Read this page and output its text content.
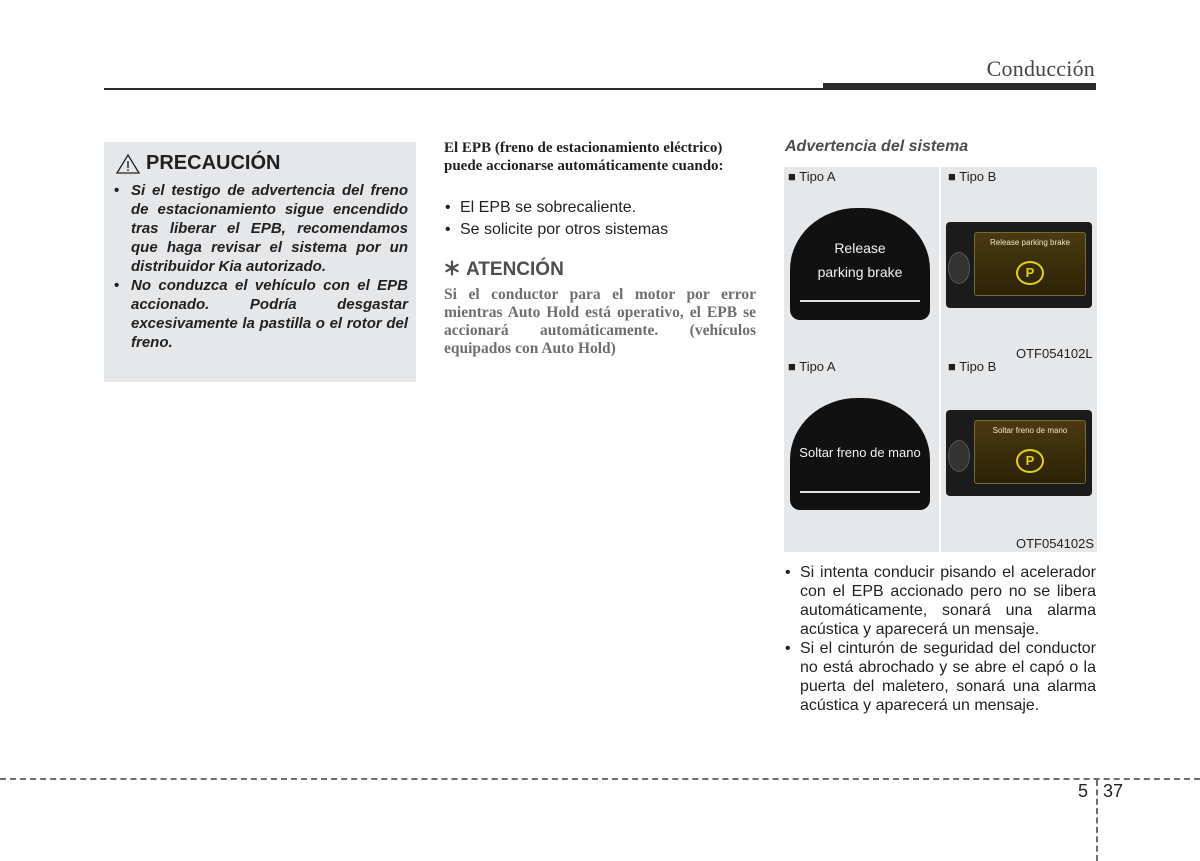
Conducción
PRECAUCIÓN
• Si el testigo de advertencia del freno de estacionamiento sigue encendido tras liberar el EPB, recomendamos que haga revisar el sistema por un distribuidor Kia autorizado.
• No conduzca el vehículo con el EPB accionado. Podría desgastar excesivamente la pastilla o el rotor del freno.
El EPB (freno de estacionamiento eléctrico) puede accionarse automáticamente cuando:
• El EPB se sobrecaliente.
• Se solicite por otros sistemas
ATENCIÓN
Si el conductor para el motor por error mientras Auto Hold está operativo, el EPB se accionará automáticamente. (vehículos equipados con Auto Hold)
Advertencia del sistema
■ Tipo A	■ Tipo B
Release
parking brake
Release parking brake
P
OTF054102L
■ Tipo A	■ Tipo B
Soltar freno de mano
Soltar freno de mano
P
OTF054102S
• Si intenta conducir pisando el acelerador con el EPB accionado pero no se libera automáticamente, sonará una alarma acústica y aparecerá un mensaje.
• Si el cinturón de seguridad del conductor no está abrochado y se abre el capó o la puerta del maletero, sonará una alarma acústica y aparecerá un mensaje.
5 37
